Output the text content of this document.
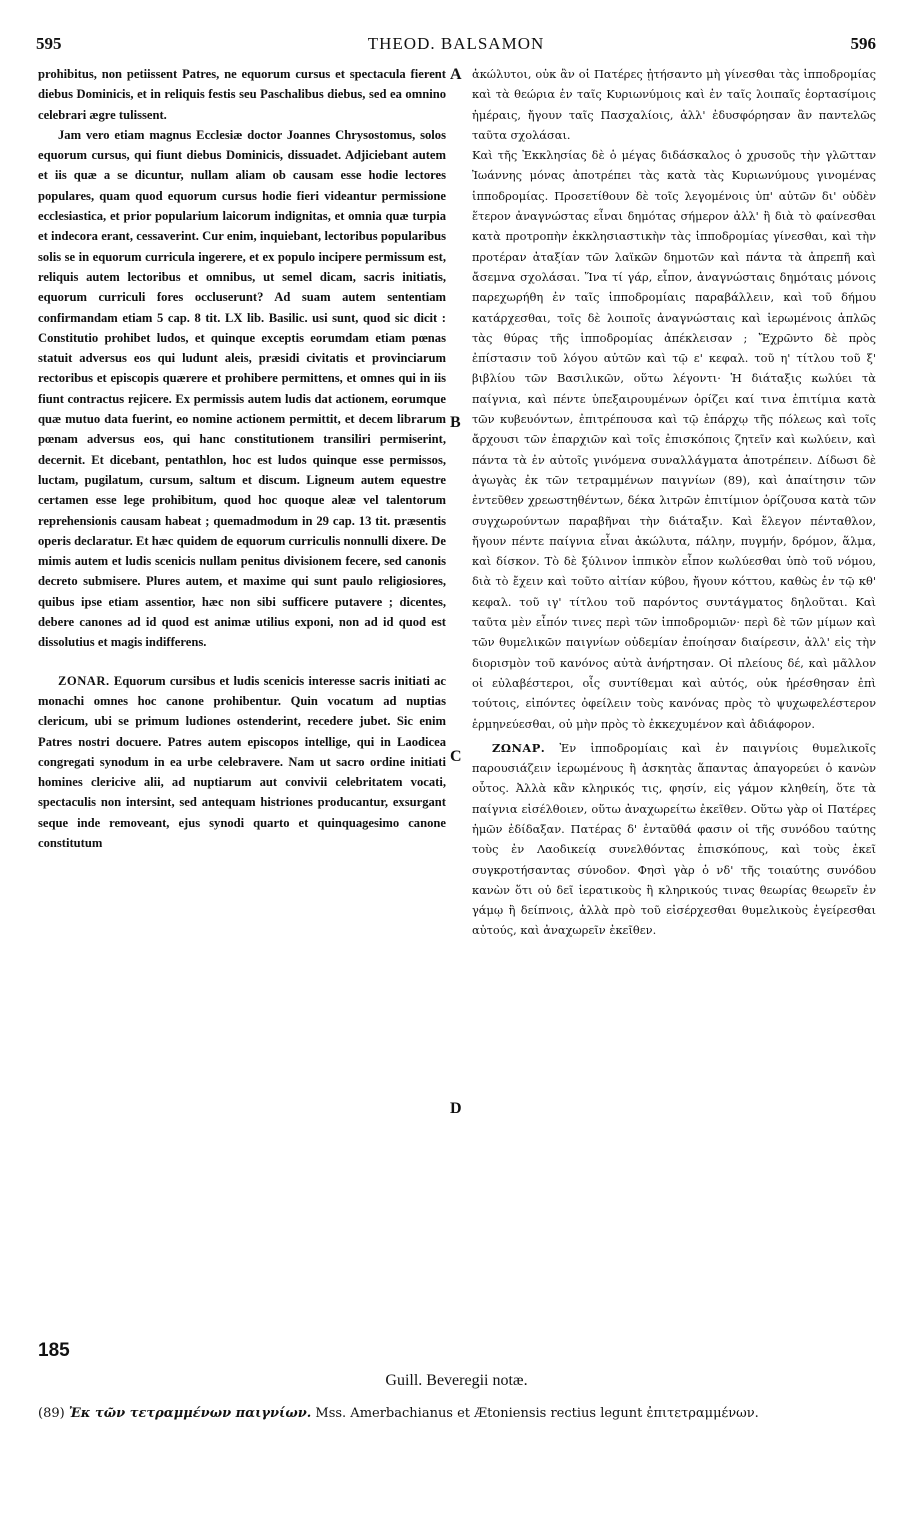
595	THEOD. BALSAMON	596

prohibitus, non petiissent Patres, ne equorum cursus et spectacula fierent diebus Dominicis, et in reliquis festis seu Paschalibus diebus, sed ea omnino celebrari ægre tulissent.

Jam vero etiam magnus Ecclesiæ doctor Joannes Chrysostomus, solos equorum cursus, qui fiunt diebus Dominicis, dissuadet. Adjiciebant autem et iis quæ a se dicuntur, nullam aliam ob causam esse hodie lectores populares, quam quod equorum cursus hodie fieri videantur permissione ecclesiastica, et prior popularium laicorum indignitas, et omnia quæ turpia et indecora erant, cessaverint. Cur enim, inquiebant, lectoribus popularibus solis se in equorum curricula ingerere, et ex populo incipere permissum est, reliquis autem lectoribus et omnibus, ut semel dicam, sacris initiatis, equorum curriculi fores occluserunt? Ad suam autem sententiam confirmandam etiam 5 cap. 8 tit. LX lib. Basilic. usi sunt, quod sic dicit : Constitutio prohibet ludos, et quinque exceptis eorumdam etiam pœnas statuit adversus eos qui ludunt aleis, præsidi civitatis et provinciarum rectoribus et episcopis quærere et prohibere permittens, et omnes qui in iis fiunt contractus rejicere. Ex permissis autem ludis dat actionem, eorumque quæ mutuo data fuerint, eo nomine actionem permittit, et decem librarum pœnam adversus eos, qui hanc constitutionem transiliri permiserint, decernit. Et dicebant, pentathlon, hoc est ludos quinque esse permissos, luctam, pugilatum, cursum, saltum et discum. Ligneum autem equestre certamen esse lege prohibitum, quod hoc quoque aleæ vel talentorum reprehensionis causam habeat ; quemadmodum in 29 cap. 13 tit. præsentis operis declaratur. Et hæc quidem de equorum curriculis nonnulli dixere. De mimis autem et ludis scenicis nullam penitus divisionem fecere, sed canonis decreto submisere. Plures autem, et maxime qui sunt paulo religiosiores, quibus ipse etiam assentior, hæc non sibi sufficere putavere ; dicentes, debere canones ad id quod est animæ utilius exponi, non ad id quod est dissolutius et magis indifferens.

ZONAR. Equorum cursibus et ludis scenicis interesse sacris initiati ac monachi omnes hoc canone prohibentur. Quin vocatum ad nuptias clericum, ubi se primum ludiones ostenderint, recedere jubet. Sic enim Patres nostri docuere. Patres autem episcopos intellige, qui in Laodicea congregati synodum in ea urbe celebravere. Nam ut sacro ordine initiati homines clericive alii, ad nuptiarum aut convivii celebritatem vocati, spectaculis non intersint, sed antequam histriones producantur, exsurgant seque inde removeant, ejus synodi quarto et quinquagesimo canone constitutum

185
A
B
C
D

ἀκώλυτοι, οὐκ ἂν οἱ Πατέρες ᾐτήσαντο μὴ γίνεσθαι τὰς ἱπποδρομίας καὶ τὰ θεώρια ἐν ταῖς Κυριωνύμοις καὶ ἐν ταῖς λοιπαῖς ἑορτασίμοις ἡμέραις, ἤγουν ταῖς Πασχαλίοις, ἀλλ' ἐδυσφόρησαν ἂν παντελῶς ταῦτα σχολάσαι.

Καὶ τῆς Ἐκκλησίας δὲ ὁ μέγας διδάσκαλος ὁ χρυσοῦς τὴν γλῶτταν Ἰωάννης μόνας ἀποτρέπει τὰς κατὰ τὰς Κυριωνύμους γινομένας ἱπποδρομίας. Προσετίθουν δὲ τοῖς λεγομένοις ὑπ' αὐτῶν δι' οὐδὲν ἕτερον ἀναγνώστας εἶναι δημότας σήμερον ἀλλ' ἢ διὰ τὸ φαίνεσθαι κατὰ προτροπὴν ἐκκλησιαστικὴν τὰς ἱπποδρομίας γίνεσθαι, καὶ τὴν προτέραν ἀταξίαν τῶν λαϊκῶν δημοτῶν καὶ πάντα τὰ ἀπρεπῆ καὶ ἄσεμνα σχολάσαι. Ἵνα τί γάρ, εἶπον, ἀναγνώσταις δημόταις μόνοις παρεχωρήθη ἐν ταῖς ἱπποδρομίαις παραβάλλειν, καὶ τοῦ δήμου κατάρχεσθαι, τοῖς δὲ λοιποῖς ἀναγνώσταις καὶ ἱερωμένοις ἁπλῶς τὰς θύρας τῆς ἱπποδρομίας ἀπέκλεισαν ; Ἔχρῶντο δὲ πρὸς ἐπίστασιν τοῦ λόγου αὐτῶν καὶ τῷ ε' κεφαλ. τοῦ η' τίτλου τοῦ ξ' βιβλίου τῶν Βασιλικῶν, οὕτω λέγοντι· Ἡ διάταξις κωλύει τὰ παίγνια, καὶ πέντε ὑπεξαιρουμένων ὁρίζει καί τινα ἐπιτίμια κατὰ τῶν κυβευόντων, ἐπιτρέπουσα καὶ τῷ ἐπάρχῳ τῆς πόλεως καὶ τοῖς ἄρχουσι τῶν ἐπαρχιῶν καὶ τοῖς ἐπισκόποις ζητεῖν καὶ κωλύειν, καὶ πάντα τὰ ἐν αὐτοῖς γινόμενα συναλλάγματα ἀποτρέπειν. Δίδωσι δὲ ἀγωγὰς ἐκ τῶν τετραμμένων παιγνίων (89), καὶ ἀπαίτησιν τῶν ἐντεῦθεν χρεωστηθέντων, δέκα λιτρῶν ἐπιτίμιον ὁρίζουσα κατὰ τῶν συγχωρούντων παραβῆναι τὴν διάταξιν. Καὶ ἔλεγον πένταθλον, ἤγουν πέντε παίγνια εἶναι ἀκώλυτα, πάλην, πυγμήν, δρόμον, ἅλμα, καὶ δίσκον. Τὸ δὲ ξύλινον ἱππικὸν εἶπον κωλύεσθαι ὑπὸ τοῦ νόμου, διὰ τὸ ἔχειν καὶ τοῦτο αἰτίαν κύβου, ἤγουν κόττου, καθὼς ἐν τῷ κθ' κεφαλ. τοῦ ιγ' τίτλου τοῦ παρόντος συντάγματος δηλοῦται. Καὶ ταῦτα μὲν εἶπόν τινες περὶ τῶν ἱπποδρομιῶν· περὶ δὲ τῶν μίμων καὶ τῶν θυμελικῶν παιγνίων οὐδεμίαν ἐποίησαν διαίρεσιν, ἀλλ' εἰς τὴν διορισμὸν τοῦ κανόνος αὐτὰ ἀνήρτησαν. Οἱ πλείους δέ, καὶ μᾶλλον οἱ εὐλαβέστεροι, οἷς συντίθεμαι καὶ αὐτός, οὐκ ἠρέσθησαν ἐπὶ τούτοις, εἰπόντες ὀφείλειν τοὺς κανόνας πρὸς τὸ ψυχωφελέστερον ἑρμηνεύεσθαι, οὐ μὴν πρὸς τὸ ἐκκεχυμένον καὶ ἀδιάφορον.

ΖΩΝΑΡ. Ἐν ἱπποδρομίαις καὶ ἐν παιγνίοις θυμελικοῖς παρουσιάζειν ἱερωμένους ἢ ἀσκητὰς ἅπαντας ἀπαγορεύει ὁ κανὼν οὗτος. Ἀλλὰ κἂν κληρικός τις, φησίν, εἰς γάμον κληθείη, ὅτε τὰ παίγνια εἰσέλθοιεν, οὕτω ἀναχωρείτω ἐκεῖθεν. Οὕτω γὰρ οἱ Πατέρες ἡμῶν ἐδίδαξαν. Πατέρας δ' ἐνταῦθά φασιν οἱ τῆς συνόδου ταύτης τοὺς ἐν Λαοδικείᾳ συνελθόντας ἐπισκόπους, καὶ τοὺς ἐκεῖ συγκροτήσαντας σύνοδον. Φησὶ γὰρ ὁ νδ' τῆς τοιαύτης συνόδου κανὼν ὅτι οὐ δεῖ ἱερατικοὺς ἢ κληρικούς τινας θεωρίας θεωρεῖν ἐν γάμῳ ἢ δείπνοις, ἀλλὰ πρὸ τοῦ εἰσέρχεσθαι θυμελικοὺς ἐγείρεσθαι αὐτούς, καὶ ἀναχωρεῖν ἐκεῖθεν.

Guill. Beveregii notæ.
(89) Ἐκ τῶν τετραμμένων παιγνίων. Mss. Amerbachianus et Ætoniensis rectius legunt ἐπιτετραμμένων.
